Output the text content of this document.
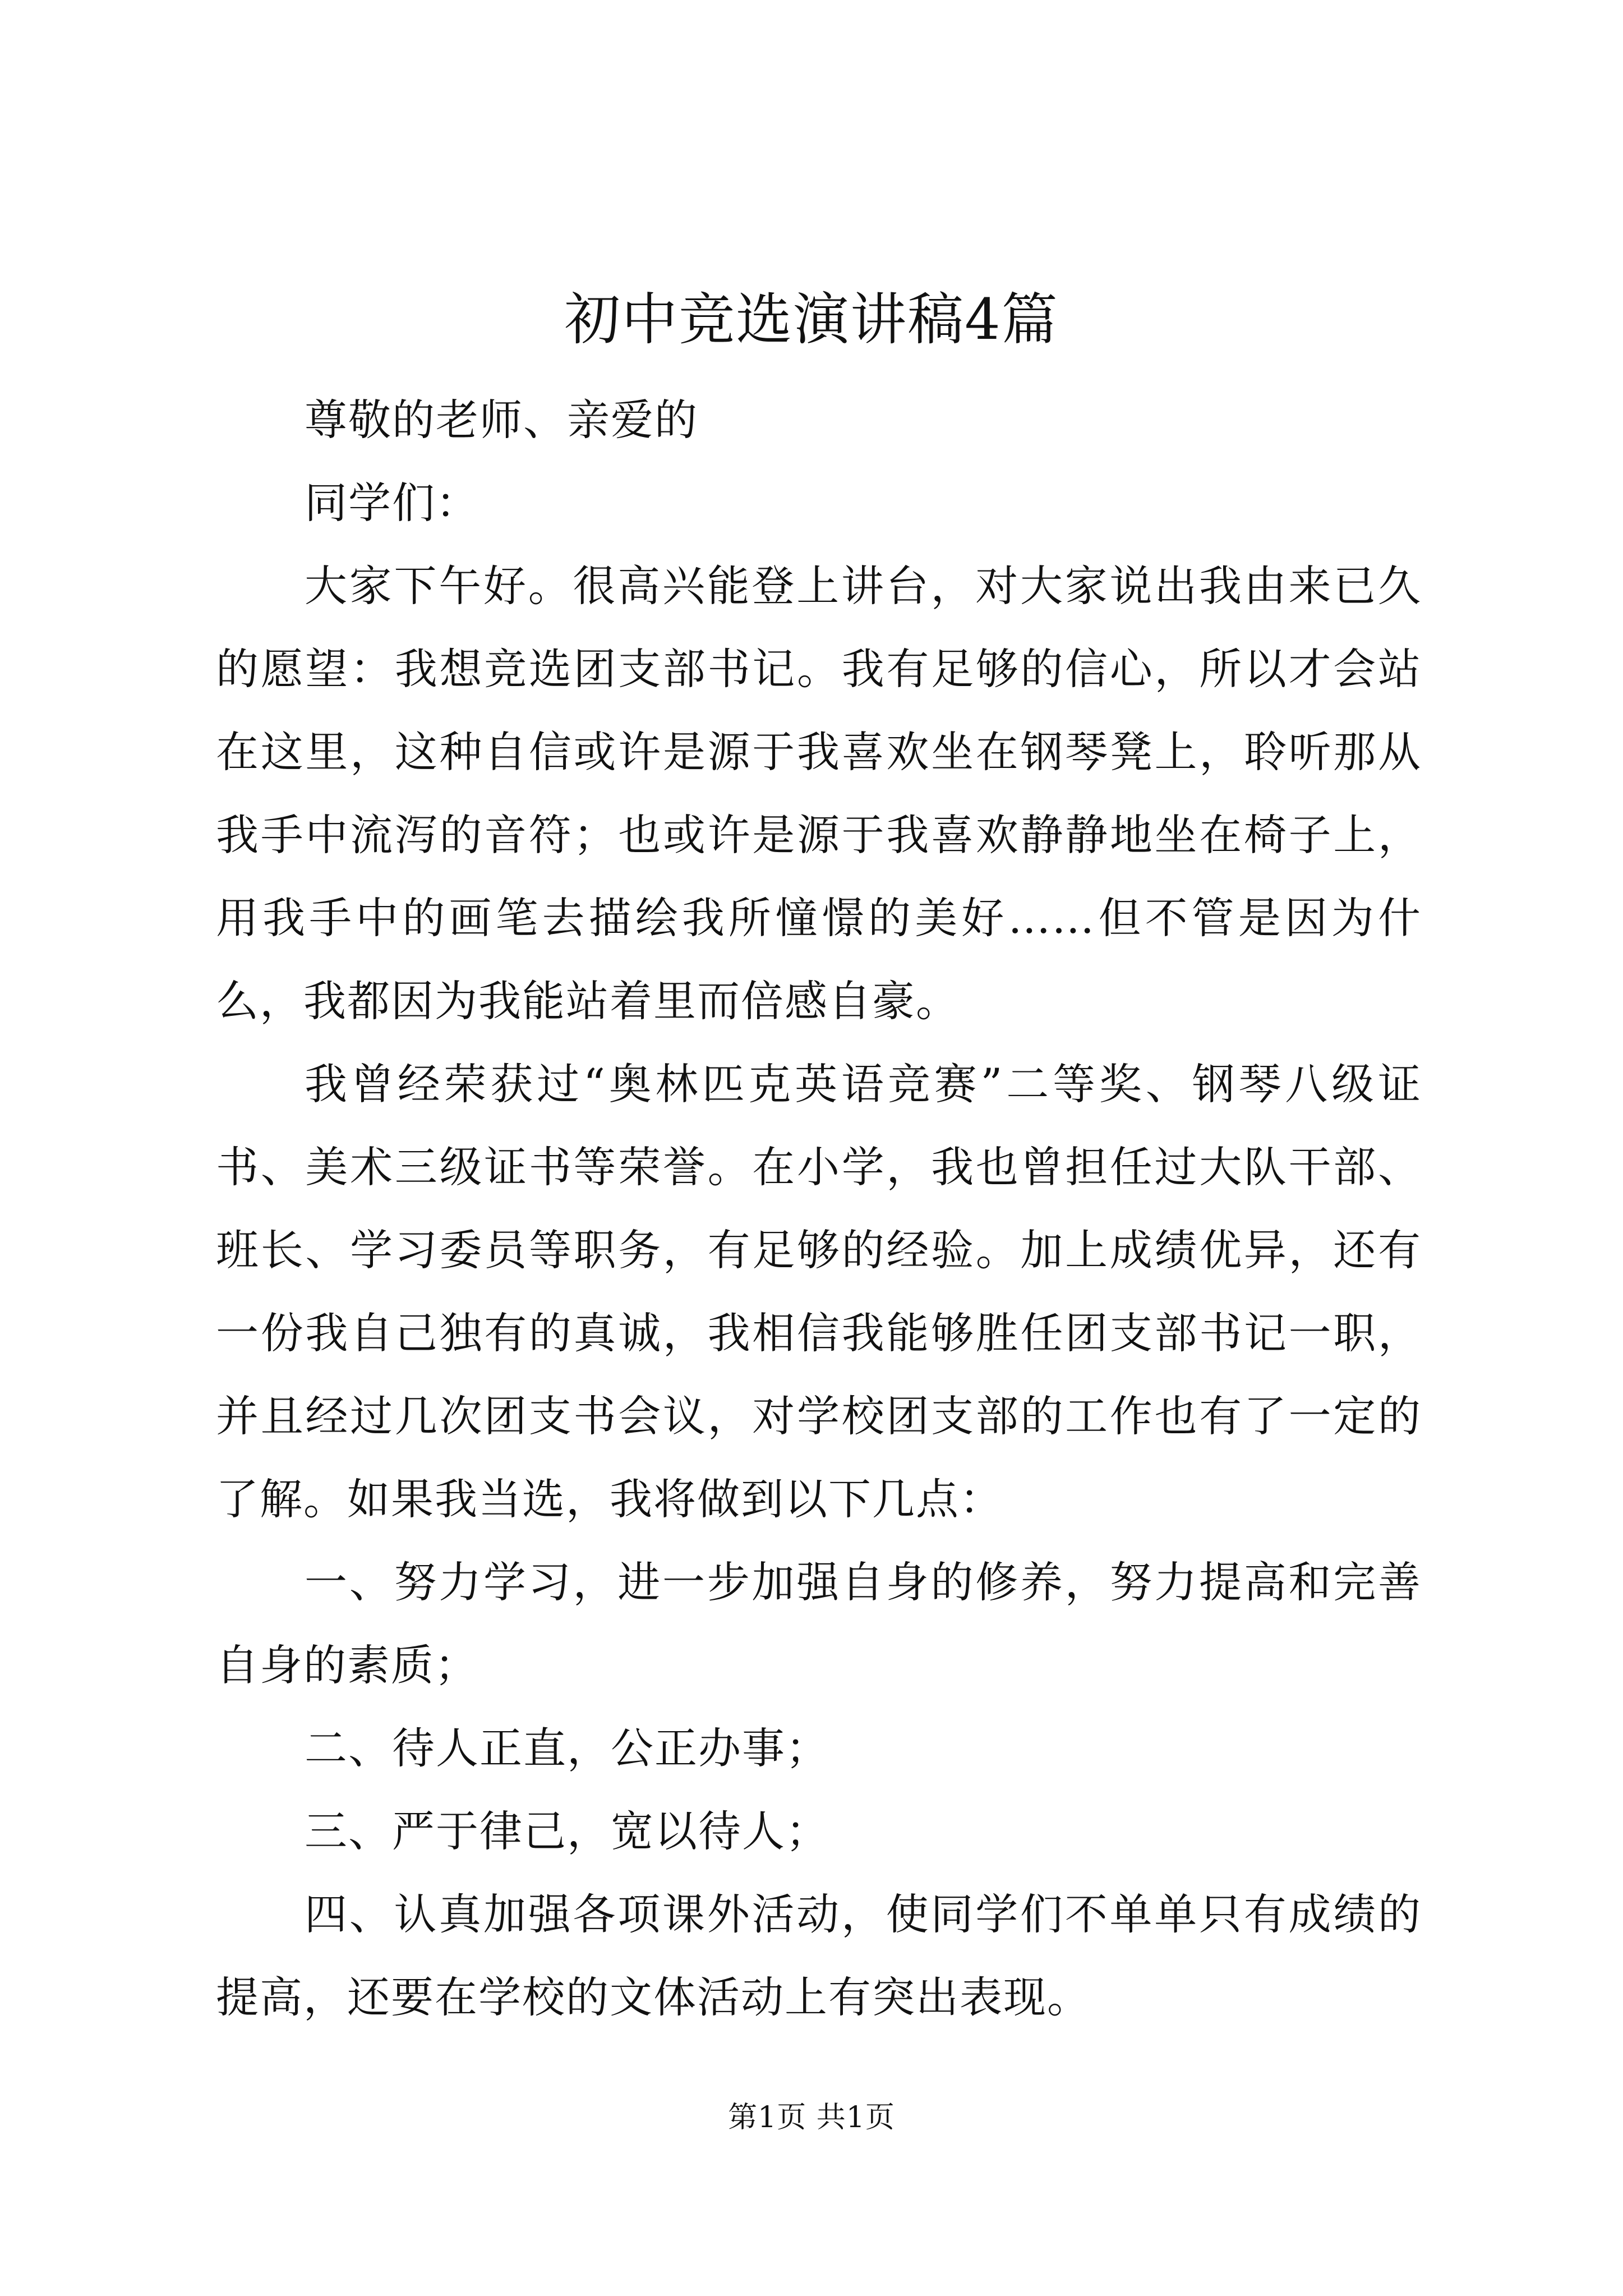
初中竞选演讲稿4篇

尊敬的老师、亲爱的

同学们：

大家下午好。很高兴能登上讲台，对大家说出我由来已久的愿望：我想竞选团支部书记。我有足够的信心，所以才会站在这里，这种自信或许是源于我喜欢坐在钢琴凳上，聆听那从我手中流泻的音符；也或许是源于我喜欢静静地坐在椅子上，用我手中的画笔去描绘我所憧憬的美好……但不管是因为什么，我都因为我能站着里而倍感自豪。

我曾经荣获过“奥林匹克英语竞赛”二等奖、钢琴八级证书、美术三级证书等荣誉。在小学，我也曾担任过大队干部、班长、学习委员等职务，有足够的经验。加上成绩优异，还有一份我自己独有的真诚，我相信我能够胜任团支部书记一职，并且经过几次团支书会议，对学校团支部的工作也有了一定的了解。如果我当选，我将做到以下几点：

一、努力学习，进一步加强自身的修养，努力提高和完善自身的素质；

二、待人正直，公正办事；

三、严于律己，宽以待人；

四、认真加强各项课外活动，使同学们不单单只有成绩的提高，还要在学校的文体活动上有突出表现。

第1页 共1页
